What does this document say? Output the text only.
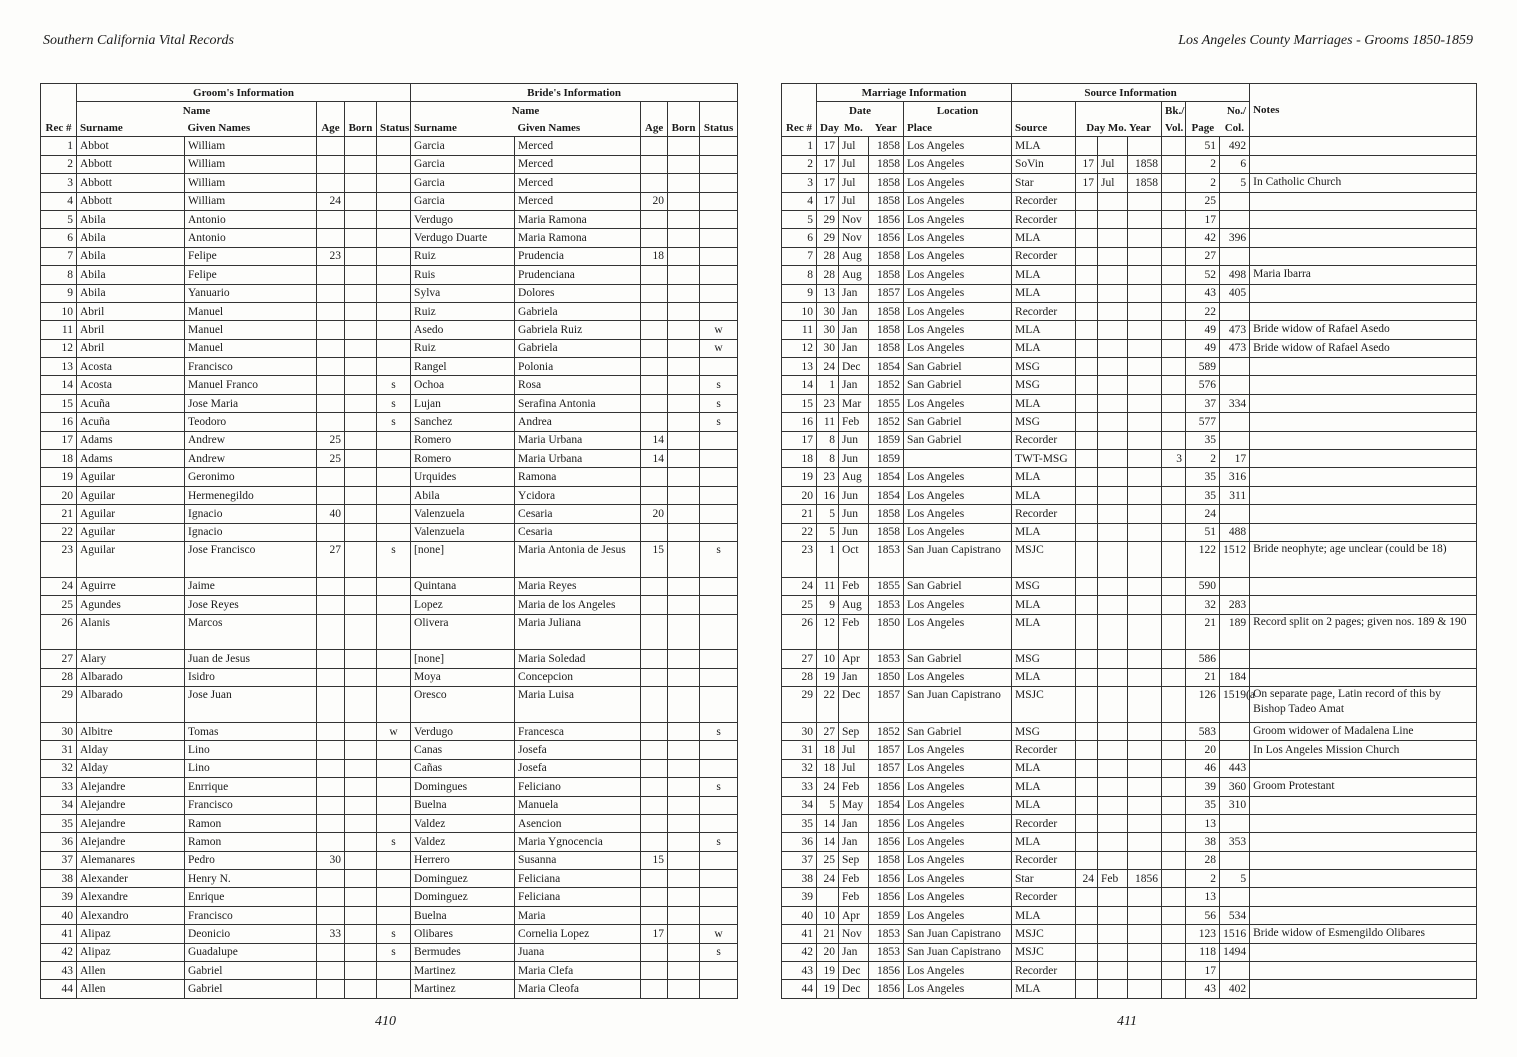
Southern California Vital Records	Los Angeles County Marriages - Grooms 1850-1859
Rec #	Groom's Information					Bride's Information				
	Name		Age	Born	Status	Name		Age	Born	Status
	Surname	Given Names				Surname	Given Names			
1	Abbot	William				Garcia	Merced			
2	Abbott	William				Garcia	Merced			
3	Abbott	William				Garcia	Merced			
4	Abbott	William	24			Garcia	Merced	20		
5	Abila	Antonio				Verdugo	Maria Ramona			
6	Abila	Antonio				Verdugo Duarte	Maria Ramona			
7	Abila	Felipe	23			Ruiz	Prudencia	18		
8	Abila	Felipe				Ruis	Prudenciana			
9	Abila	Yanuario				Sylva	Dolores			
10	Abril	Manuel				Ruiz	Gabriela			
11	Abril	Manuel				Asedo	Gabriela Ruiz			w
12	Abril	Manuel				Ruiz	Gabriela			w
13	Acosta	Francisco				Rangel	Polonia			
14	Acosta	Manuel Franco			s	Ochoa	Rosa			s
15	Acuña	Jose Maria			s	Lujan	Serafina Antonia			s
16	Acuña	Teodoro			s	Sanchez	Andrea			s
17	Adams	Andrew	25			Romero	Maria Urbana	14		
18	Adams	Andrew	25			Romero	Maria Urbana	14		
19	Aguilar	Geronimo				Urquides	Ramona			
20	Aguilar	Hermenegildo				Abila	Ycidora			
21	Aguilar	Ignacio	40			Valenzuela	Cesaria	20		
22	Aguilar	Ignacio				Valenzuela	Cesaria			
23	Aguilar	Jose Francisco	27		s	[none]	Maria Antonia de Jesus	15		s
24	Aguirre	Jaime				Quintana	Maria Reyes			
25	Agundes	Jose Reyes				Lopez	Maria de los Angeles			
26	Alanis	Marcos				Olivera	Maria Juliana			
27	Alary	Juan de Jesus				[none]	Maria Soledad			
28	Albarado	Isidro				Moya	Concepcion			
29	Albarado	Jose Juan				Oresco	Maria Luisa			
30	Albitre	Tomas			w	Verdugo	Francesca			s
31	Alday	Lino				Canas	Josefa			
32	Alday	Lino				Cañas	Josefa			
33	Alejandre	Enrrique				Domingues	Feliciano			s
34	Alejandre	Francisco				Buelna	Manuela			
35	Alejandre	Ramon				Valdez	Asencion			
36	Alejandre	Ramon			s	Valdez	Maria Ygnocencia			s
37	Alemanares	Pedro	30			Herrero	Susanna	15		
38	Alexander	Henry N.				Dominguez	Feliciana			
39	Alexandre	Enrique				Dominguez	Feliciana			
40	Alexandro	Francisco				Buelna	Maria			
41	Alipaz	Deonicio	33		s	Olibares	Cornelia Lopez	17		w
42	Alipaz	Guadalupe			s	Bermudes	Juana			s
43	Allen	Gabriel				Martinez	Maria Clefa			
44	Allen	Gabriel				Martinez	Maria Cleofa			
Rec #	Marriage Information				Source Information							Notes
	Date			Location	Source	Day Mo. Year			Bk./	No./		
	Day	Mo.	Year	Place					Vol.	Page	Col.	
1	17	Jul	1858	Los Angeles	MLA					51	492	
2	17	Jul	1858	Los Angeles	SoVin	17	Jul	1858		2	6	
3	17	Jul	1858	Los Angeles	Star	17	Jul	1858		2	5	In Catholic Church
4	17	Jul	1858	Los Angeles	Recorder					25		
5	29	Nov	1856	Los Angeles	Recorder					17		
6	29	Nov	1856	Los Angeles	MLA					42	396	
7	28	Aug	1858	Los Angeles	Recorder					27		
8	28	Aug	1858	Los Angeles	MLA					52	498	Maria Ibarra
9	13	Jan	1857	Los Angeles	MLA					43	405	
10	30	Jan	1858	Los Angeles	Recorder					22		
11	30	Jan	1858	Los Angeles	MLA					49	473	Bride widow of Rafael Asedo
12	30	Jan	1858	Los Angeles	MLA					49	473	Bride widow of Rafael Asedo
13	24	Dec	1854	San Gabriel	MSG					589		
14	1	Jan	1852	San Gabriel	MSG					576		
15	23	Mar	1855	Los Angeles	MLA					37	334	
16	11	Feb	1852	San Gabriel	MSG					577		
17	8	Jun	1859	San Gabriel	Recorder					35		
18	8	Jun	1859		TWT-MSG				3	2	17	
19	23	Aug	1854	Los Angeles	MLA					35	316	
20	16	Jun	1854	Los Angeles	MLA					35	311	
21	5	Jun	1858	Los Angeles	Recorder					24		
22	5	Jun	1858	Los Angeles	MLA					51	488	
23	1	Oct	1853	San Juan Capistrano	MSJC					122	1512	Bride neophyte; age unclear (could be 18)
24	11	Feb	1855	San Gabriel	MSG					590		
25	9	Aug	1853	Los Angeles	MLA					32	283	
26	12	Feb	1850	Los Angeles	MLA					21	189	Record split on 2 pages; given nos. 189 & 190
27	10	Apr	1853	San Gabriel	MSG					586		
28	19	Jan	1850	Los Angeles	MLA					21	184	
29	22	Dec	1857	San Juan Capistrano	MSJC					126	1519(a	On separate page, Latin record of this by Bishop Tadeo Amat
30	27	Sep	1852	San Gabriel	MSG					583		Groom widower of Madalena Line
31	18	Jul	1857	Los Angeles	Recorder					20		In Los Angeles Mission Church
32	18	Jul	1857	Los Angeles	MLA					46	443	
33	24	Feb	1856	Los Angeles	MLA					39	360	Groom Protestant
34	5	May	1854	Los Angeles	MLA					35	310	
35	14	Jan	1856	Los Angeles	Recorder					13		
36	14	Jan	1856	Los Angeles	MLA					38	353	
37	25	Sep	1858	Los Angeles	Recorder					28		
38	24	Feb	1856	Los Angeles	Star	24	Feb	1856		2	5	
39		Feb	1856	Los Angeles	Recorder					13		
40	10	Apr	1859	Los Angeles	MLA					56	534	
41	21	Nov	1853	San Juan Capistrano	MSJC					123	1516	Bride widow of Esmengildo Olibares
42	20	Jan	1853	San Juan Capistrano	MSJC					118	1494	
43	19	Dec	1856	Los Angeles	Recorder					17		
44	19	Dec	1856	Los Angeles	MLA					43	402	
410	411
